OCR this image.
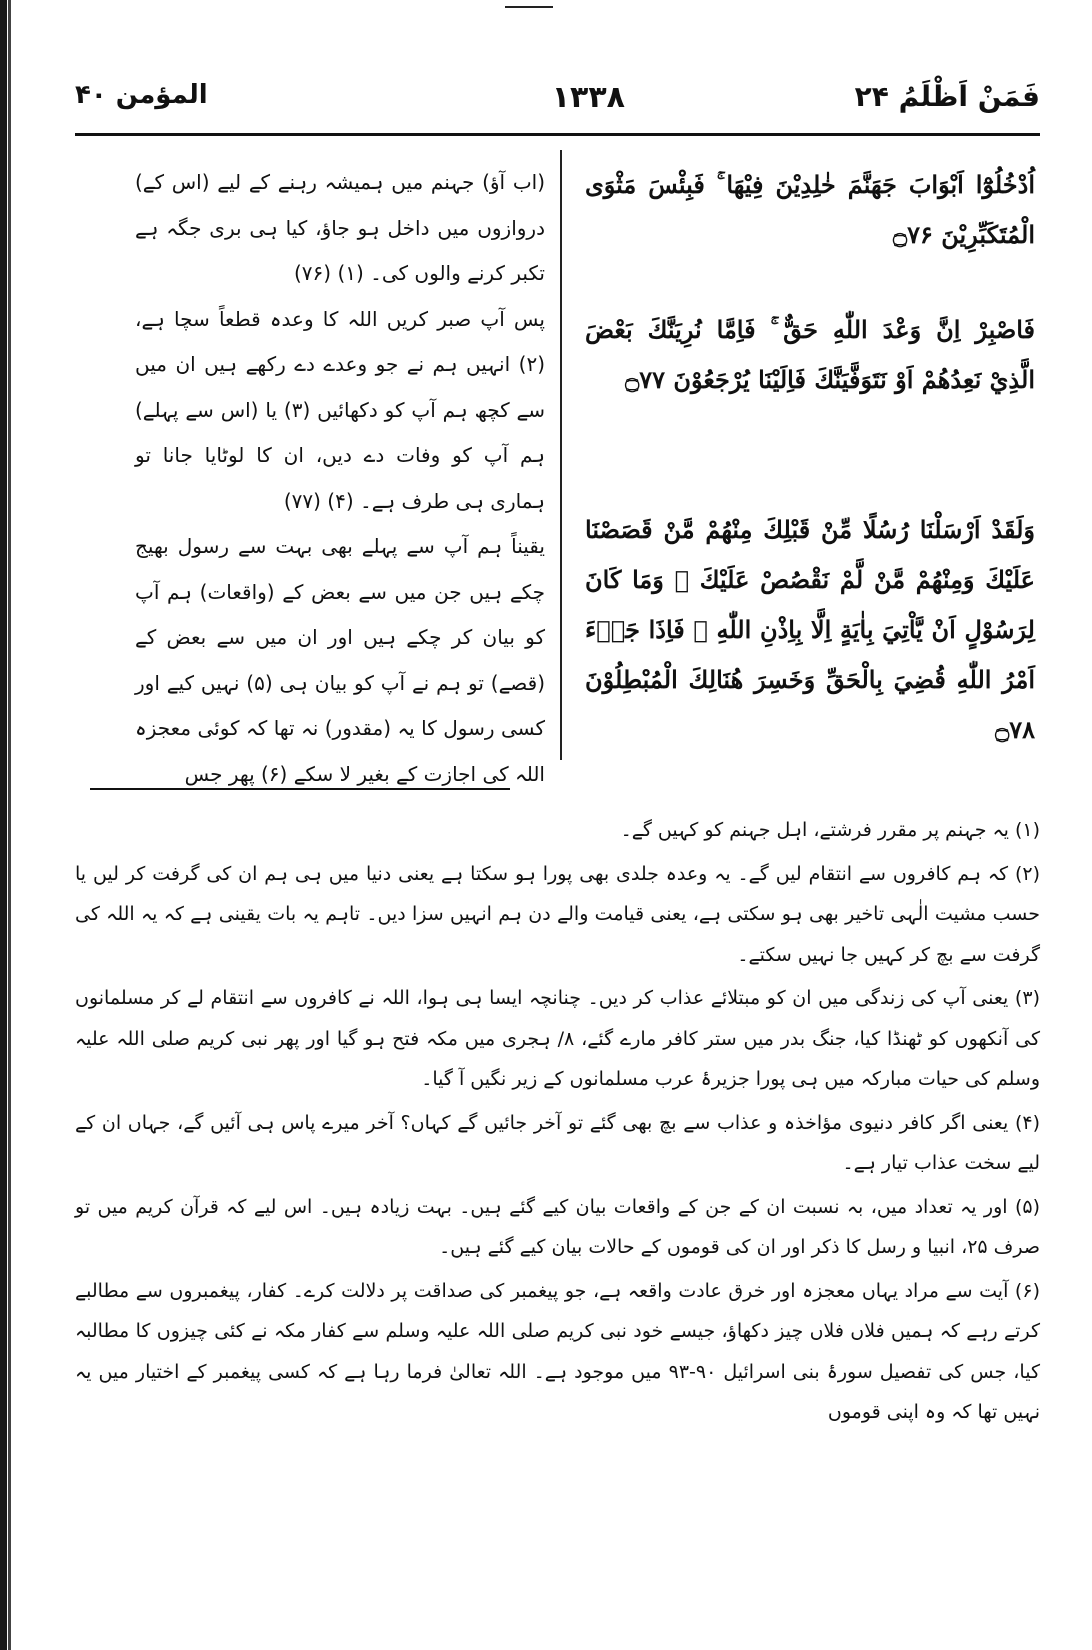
فَمَنْ اَظْلَمُ ۲۴
۱۳۳۸
المؤمن ۴۰
اُدْخُلُوْٓا اَبْوَابَ جَهَنَّمَ خٰلِدِيْنَ فِيْهَا ۚ فَبِئْسَ مَثْوَى الْمُتَكَبِّرِيْنَ ۝۷۶
فَاصْبِرْ اِنَّ وَعْدَ اللّٰهِ حَقٌّ ۚ فَاِمَّا نُرِيَنَّكَ بَعْضَ الَّذِيْ نَعِدُهُمْ اَوْ نَتَوَفَّيَنَّكَ فَاِلَيْنَا يُرْجَعُوْنَ ۝۷۷
وَلَقَدْ اَرْسَلْنَا رُسُلًا مِّنْ قَبْلِكَ مِنْهُمْ مَّنْ قَصَصْنَا عَلَيْكَ وَمِنْهُمْ مَّنْ لَّمْ نَقْصُصْ عَلَيْكَ ۭ وَمَا كَانَ لِرَسُوْلٍ اَنْ يَّاْتِيَ بِاٰيَةٍ اِلَّا بِاِذْنِ اللّٰهِ ۚ فَاِذَا جَاۗءَ اَمْرُ اللّٰهِ قُضِيَ بِالْحَقِّ وَخَسِرَ هُنَالِكَ الْمُبْطِلُوْنَ ۝۷۸

(اب آؤ) جہنم میں ہمیشہ رہنے کے لیے (اس کے) دروازوں میں داخل ہو جاؤ، کیا ہی بری جگہ ہے تکبر کرنے والوں کی۔ (۱) (۷۶)

پس آپ صبر کریں اللہ کا وعدہ قطعاً سچا ہے، (۲) انہیں ہم نے جو وعدے دے رکھے ہیں ان میں سے کچھ ہم آپ کو دکھائیں (۳) یا (اس سے پہلے) ہم آپ کو وفات دے دیں، ان کا لوٹایا جانا تو ہماری ہی طرف ہے۔ (۴) (۷۷)

یقیناً ہم آپ سے پہلے بھی بہت سے رسول بھیج چکے ہیں جن میں سے بعض کے (واقعات) ہم آپ کو بیان کر چکے ہیں اور ان میں سے بعض کے (قصے) تو ہم نے آپ کو بیان ہی (۵) نہیں کیے اور کسی رسول کا یہ (مقدور) نہ تھا کہ کوئی معجزہ اللہ کی اجازت کے بغیر لا سکے (۶) پھر جس

(۱) یہ جہنم پر مقرر فرشتے، اہل جہنم کو کہیں گے۔

(۲) کہ ہم کافروں سے انتقام لیں گے۔ یہ وعدہ جلدی بھی پورا ہو سکتا ہے یعنی دنیا میں ہی ہم ان کی گرفت کر لیں یا حسب مشیت الٰہی تاخیر بھی ہو سکتی ہے، یعنی قیامت والے دن ہم انہیں سزا دیں۔ تاہم یہ بات یقینی ہے کہ یہ اللہ کی گرفت سے بچ کر کہیں جا نہیں سکتے۔

(۳) یعنی آپ کی زندگی میں ان کو مبتلائے عذاب کر دیں۔ چنانچہ ایسا ہی ہوا، اللہ نے کافروں سے انتقام لے کر مسلمانوں کی آنکھوں کو ٹھنڈا کیا، جنگ بدر میں ستر کافر مارے گئے، ۸/ ہجری میں مکہ فتح ہو گیا اور پھر نبی کریم صلی اللہ علیہ وسلم کی حیات مبارکہ میں ہی پورا جزیرۂ عرب مسلمانوں کے زیر نگیں آ گیا۔

(۴) یعنی اگر کافر دنیوی مؤاخذہ و عذاب سے بچ بھی گئے تو آخر جائیں گے کہاں؟ آخر میرے پاس ہی آئیں گے، جہاں ان کے لیے سخت عذاب تیار ہے۔

(۵) اور یہ تعداد میں، بہ نسبت ان کے جن کے واقعات بیان کیے گئے ہیں۔ بہت زیادہ ہیں۔ اس لیے کہ قرآن کریم میں تو صرف ۲۵، انبیا و رسل کا ذکر اور ان کی قوموں کے حالات بیان کیے گئے ہیں۔

(۶) آیت سے مراد یہاں معجزہ اور خرق عادت واقعہ ہے، جو پیغمبر کی صداقت پر دلالت کرے۔ کفار، پیغمبروں سے مطالبے کرتے رہے کہ ہمیں فلاں فلاں چیز دکھاؤ، جیسے خود نبی کریم صلی اللہ علیہ وسلم سے کفار مکہ نے کئی چیزوں کا مطالبہ کیا، جس کی تفصیل سورۂ بنی اسرائیل ۹۰-۹۳ میں موجود ہے۔ اللہ تعالیٰ فرما رہا ہے کہ کسی پیغمبر کے اختیار میں یہ نہیں تھا کہ وہ اپنی قوموں
